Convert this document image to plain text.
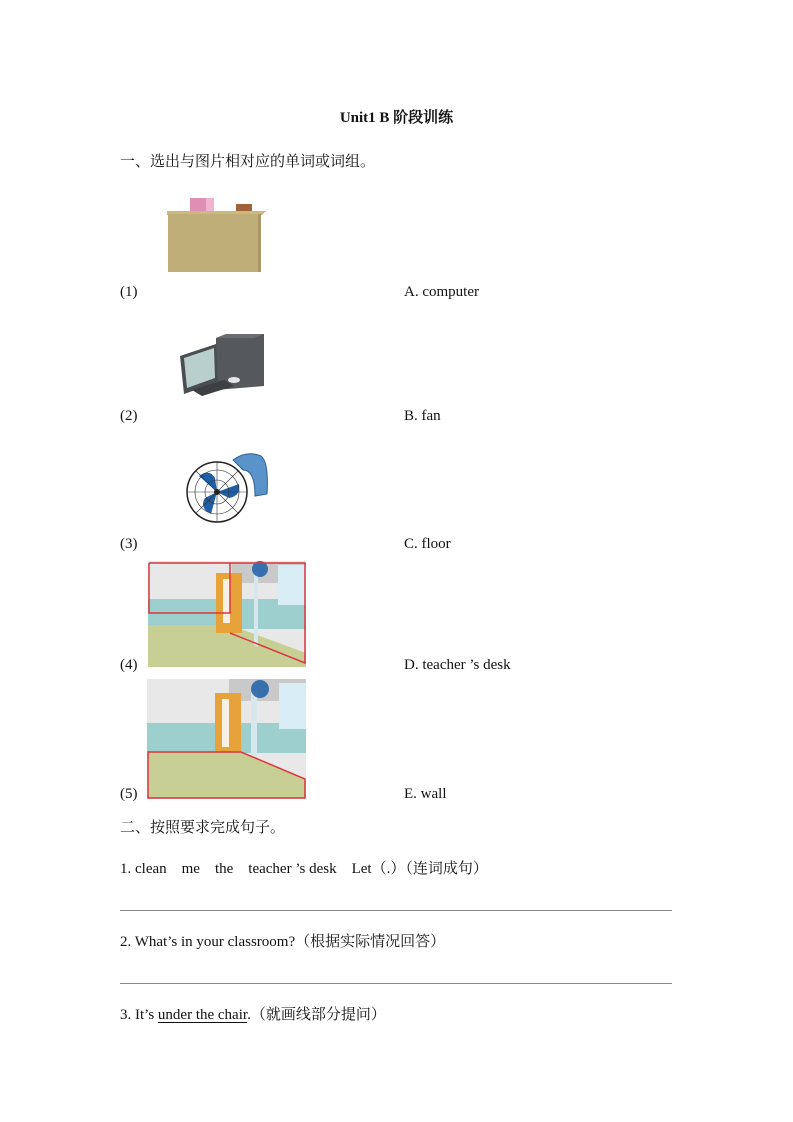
Unit1 B 阶段训练
一、选出与图片相对应的单词或词组。
(1)	A. computer
(2)	B. fan
(3)	C. floor
(4)	D. teacher ’s desk
(5)	E. wall
二、按照要求完成句子。
1. clean    me    the    teacher ’s desk    Let（.）（连词成句）
2. What’s in your classroom?（根据实际情况回答）
3. It’s under the chair.（就画线部分提问）
